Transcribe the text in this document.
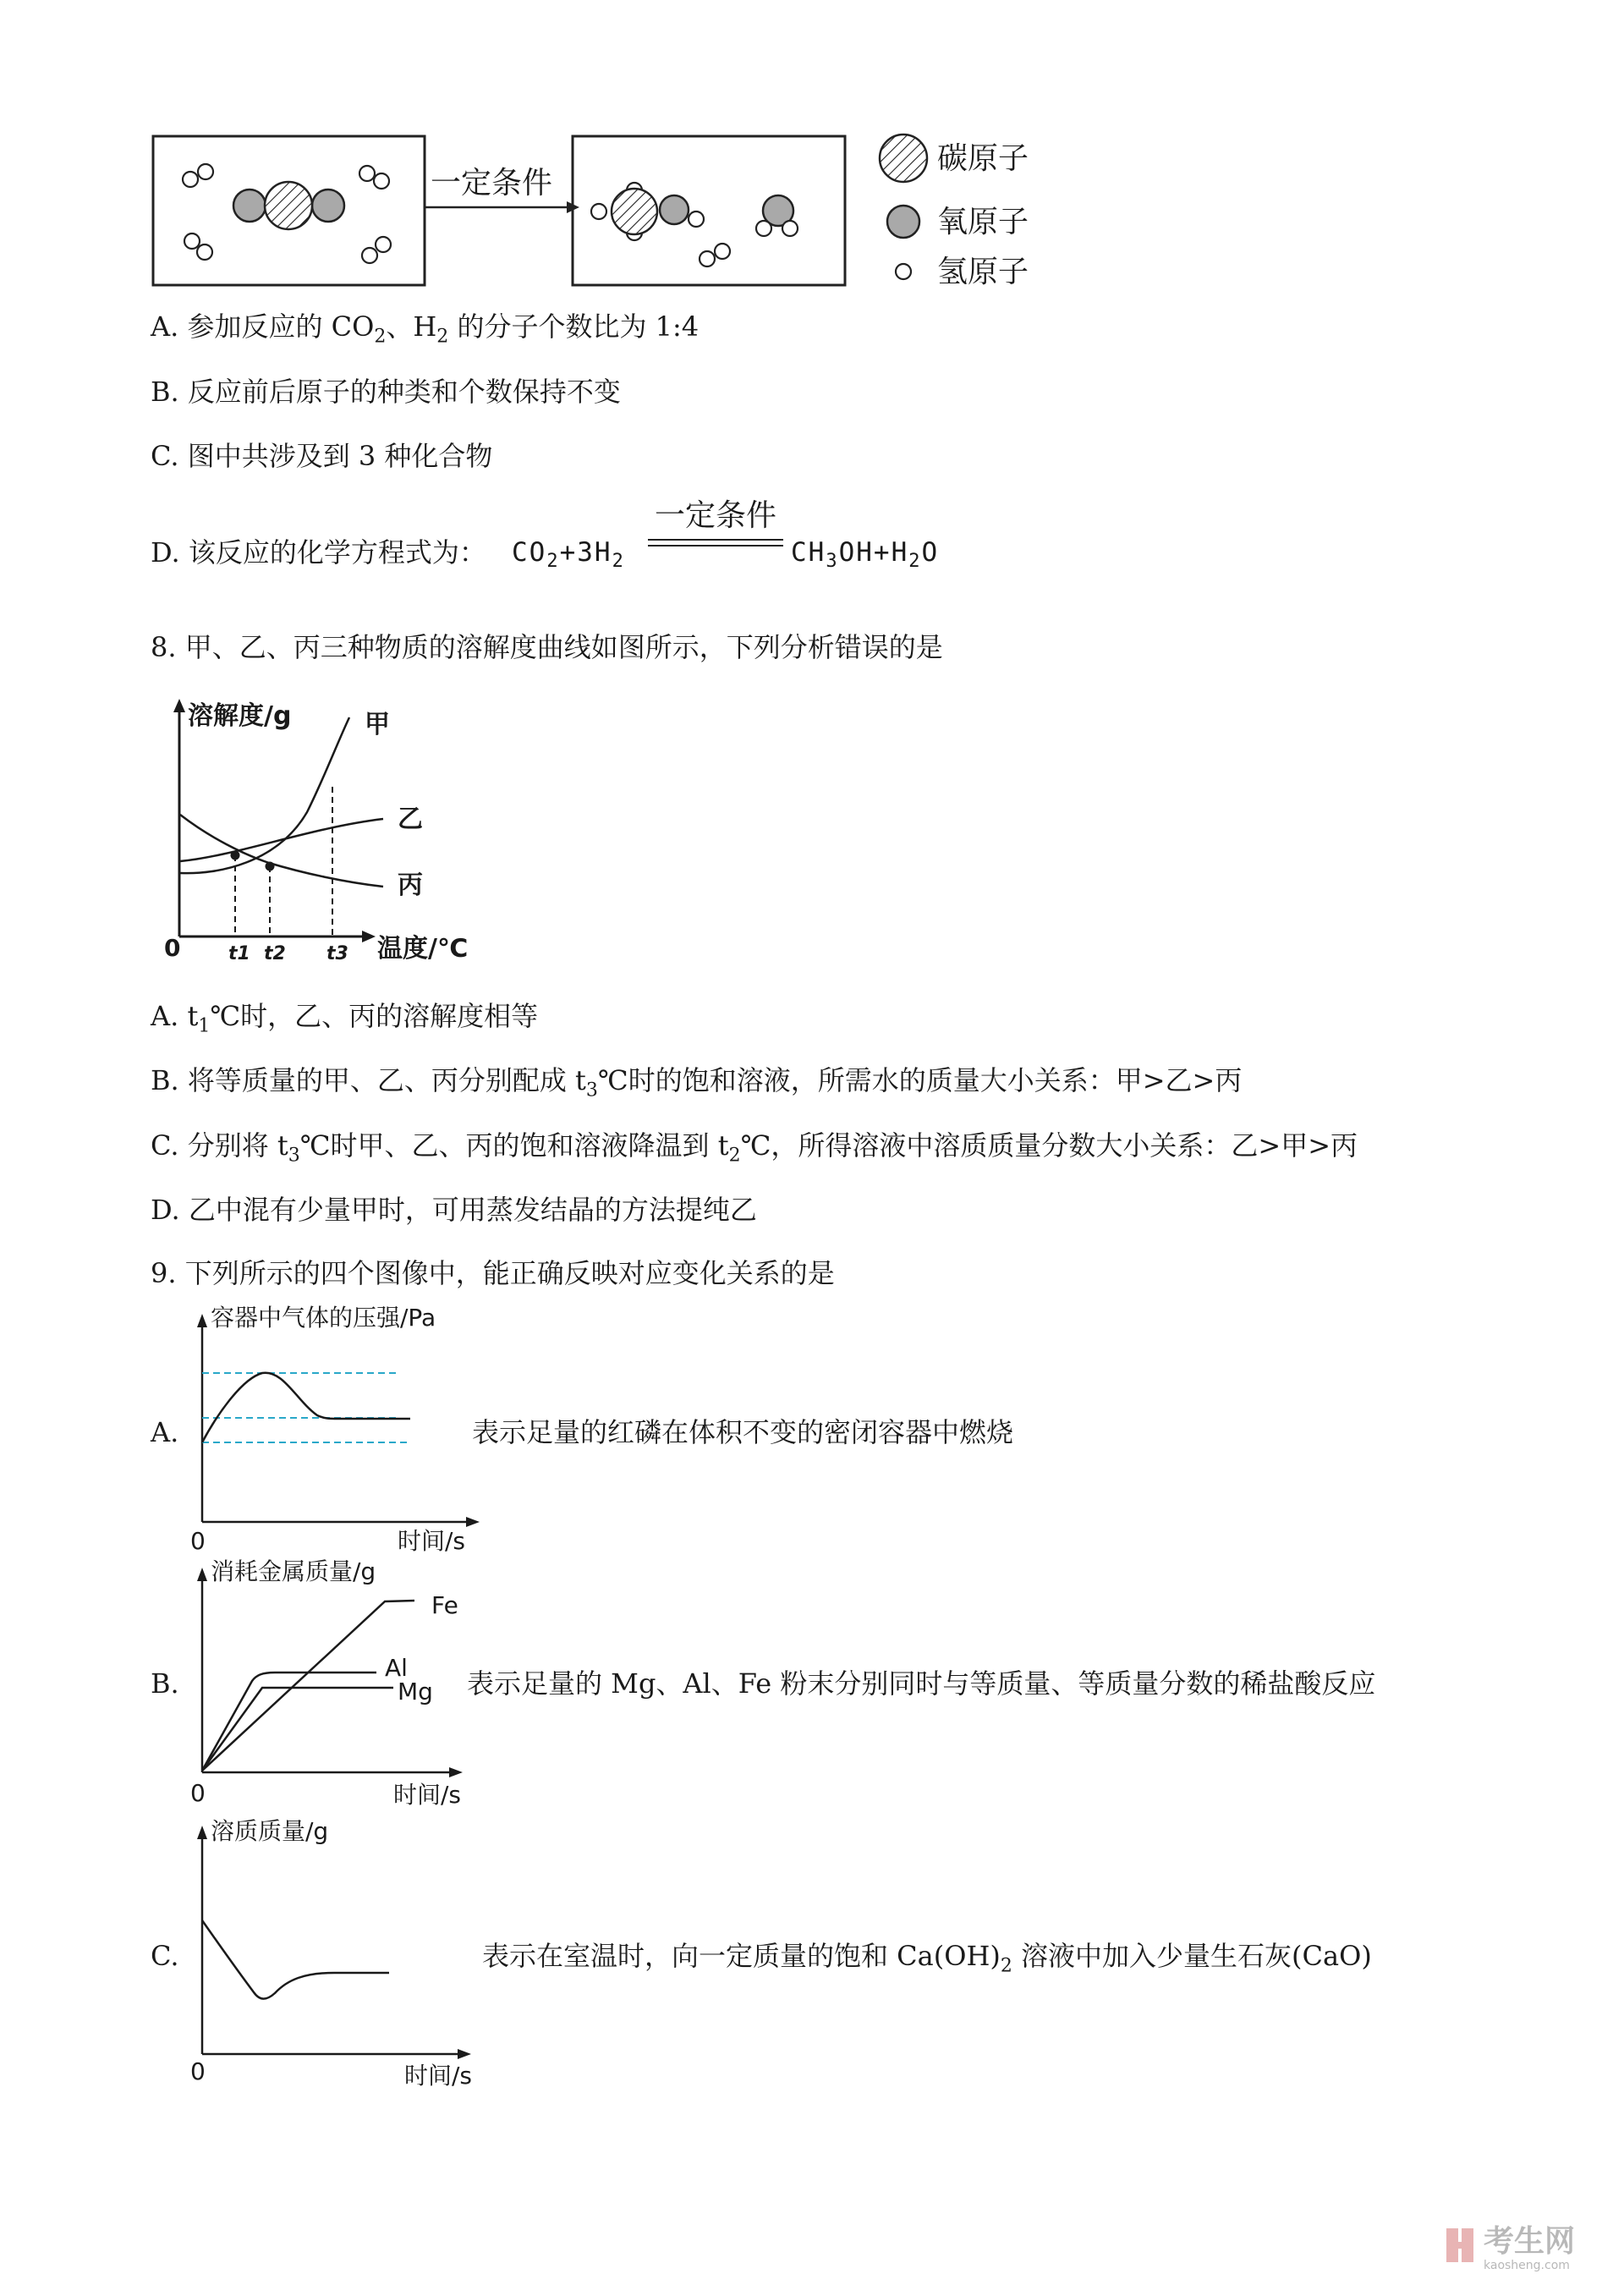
一定条件
碳原子
氧原子
氢原子
A. 参加反应的 $CO_2$、$H_2$ 的分子个数比为 1:4
B. 反应前后原子的种类和个数保持不变
C. 图中共涉及到 3 种化合物
D. 该反应的化学方程式为： $CO_2+3H_2$
一定条件
$CH_3OH+H_2O$
8. 甲、乙、丙三种物质的溶解度曲线如图所示，下列分析错误的是
溶解度/g
温度/℃
0	t1 t2 t3
甲
乙
丙
A. $t_1℃$时，乙、丙的溶解度相等
B. 将等质量的甲、乙、丙分别配成 $t_3℃$时的饱和溶液，所需水的质量大小关系：甲>乙>丙
C. 分别将 $t_3℃$时甲、乙、丙的饱和溶液降温到 $t_2℃$，所得溶液中溶质质量分数大小关系：乙>甲>丙
D. 乙中混有少量甲时，可用蒸发结晶的方法提纯乙
9. 下列所示的四个图像中，能正确反映对应变化关系的是
A.
容器中气体的压强/Pa
时间/s
0
表示足量的红磷在体积不变的密闭容器中燃烧
B.
消耗金属质量/g
时间/s
0
Fe
Al
Mg 表示足量的 Mg、Al、Fe 粉末分别同时与等质量、等质量分数的稀盐酸反应
C.
溶质质量/g
时间/s
0
表示在室温时，向一定质量的饱和 $Ca(OH)_2$ 溶液中加入少量生石灰(CaO)
考生网
kaosheng.com
